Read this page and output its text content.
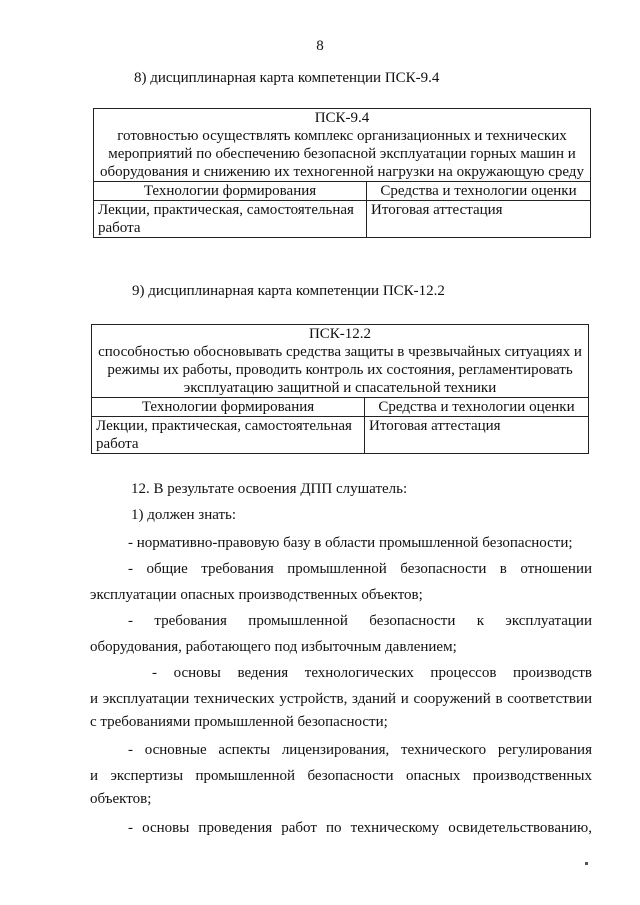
8
8) дисциплинарная карта компетенции ПСК-9.4
ПСК-9.4
готовностью осуществлять комплекс организационных и технических мероприятий по обеспечению безопасной эксплуатации горных машин и оборудования и снижению их техногенной нагрузки на окружающую среду	

Технологии формирования	Средства и технологии оценки
Лекции, практическая, самостоятельная работа	Итоговая аттестация
9) дисциплинарная карта компетенции ПСК-12.2
ПСК-12.2
способностью обосновывать средства защиты в чрезвычайных ситуациях и режимы их работы, проводить контроль их состояния, регламентировать эксплуатацию защитной и спасательной техники	

Технологии формирования	Средства и технологии оценки
Лекции, практическая, самостоятельная работа	Итоговая аттестация
12. В результате освоения ДПП слушатель:
1) должен знать:
- нормативно-правовую базу в области промышленной безопасности;
- общие требования промышленной безопасности в отношении
эксплуатации опасных производственных объектов;
- требования промышленной безопасности к эксплуатации
оборудования, работающего под избыточным давлением;
- основы ведения технологических процессов производств
и эксплуатации технических устройств, зданий и сооружений в соответствии
с требованиями промышленной безопасности;
- основные аспекты лицензирования, технического регулирования
и экспертизы промышленной безопасности опасных производственных
объектов;
- основы проведения работ по техническому освидетельствованию,
